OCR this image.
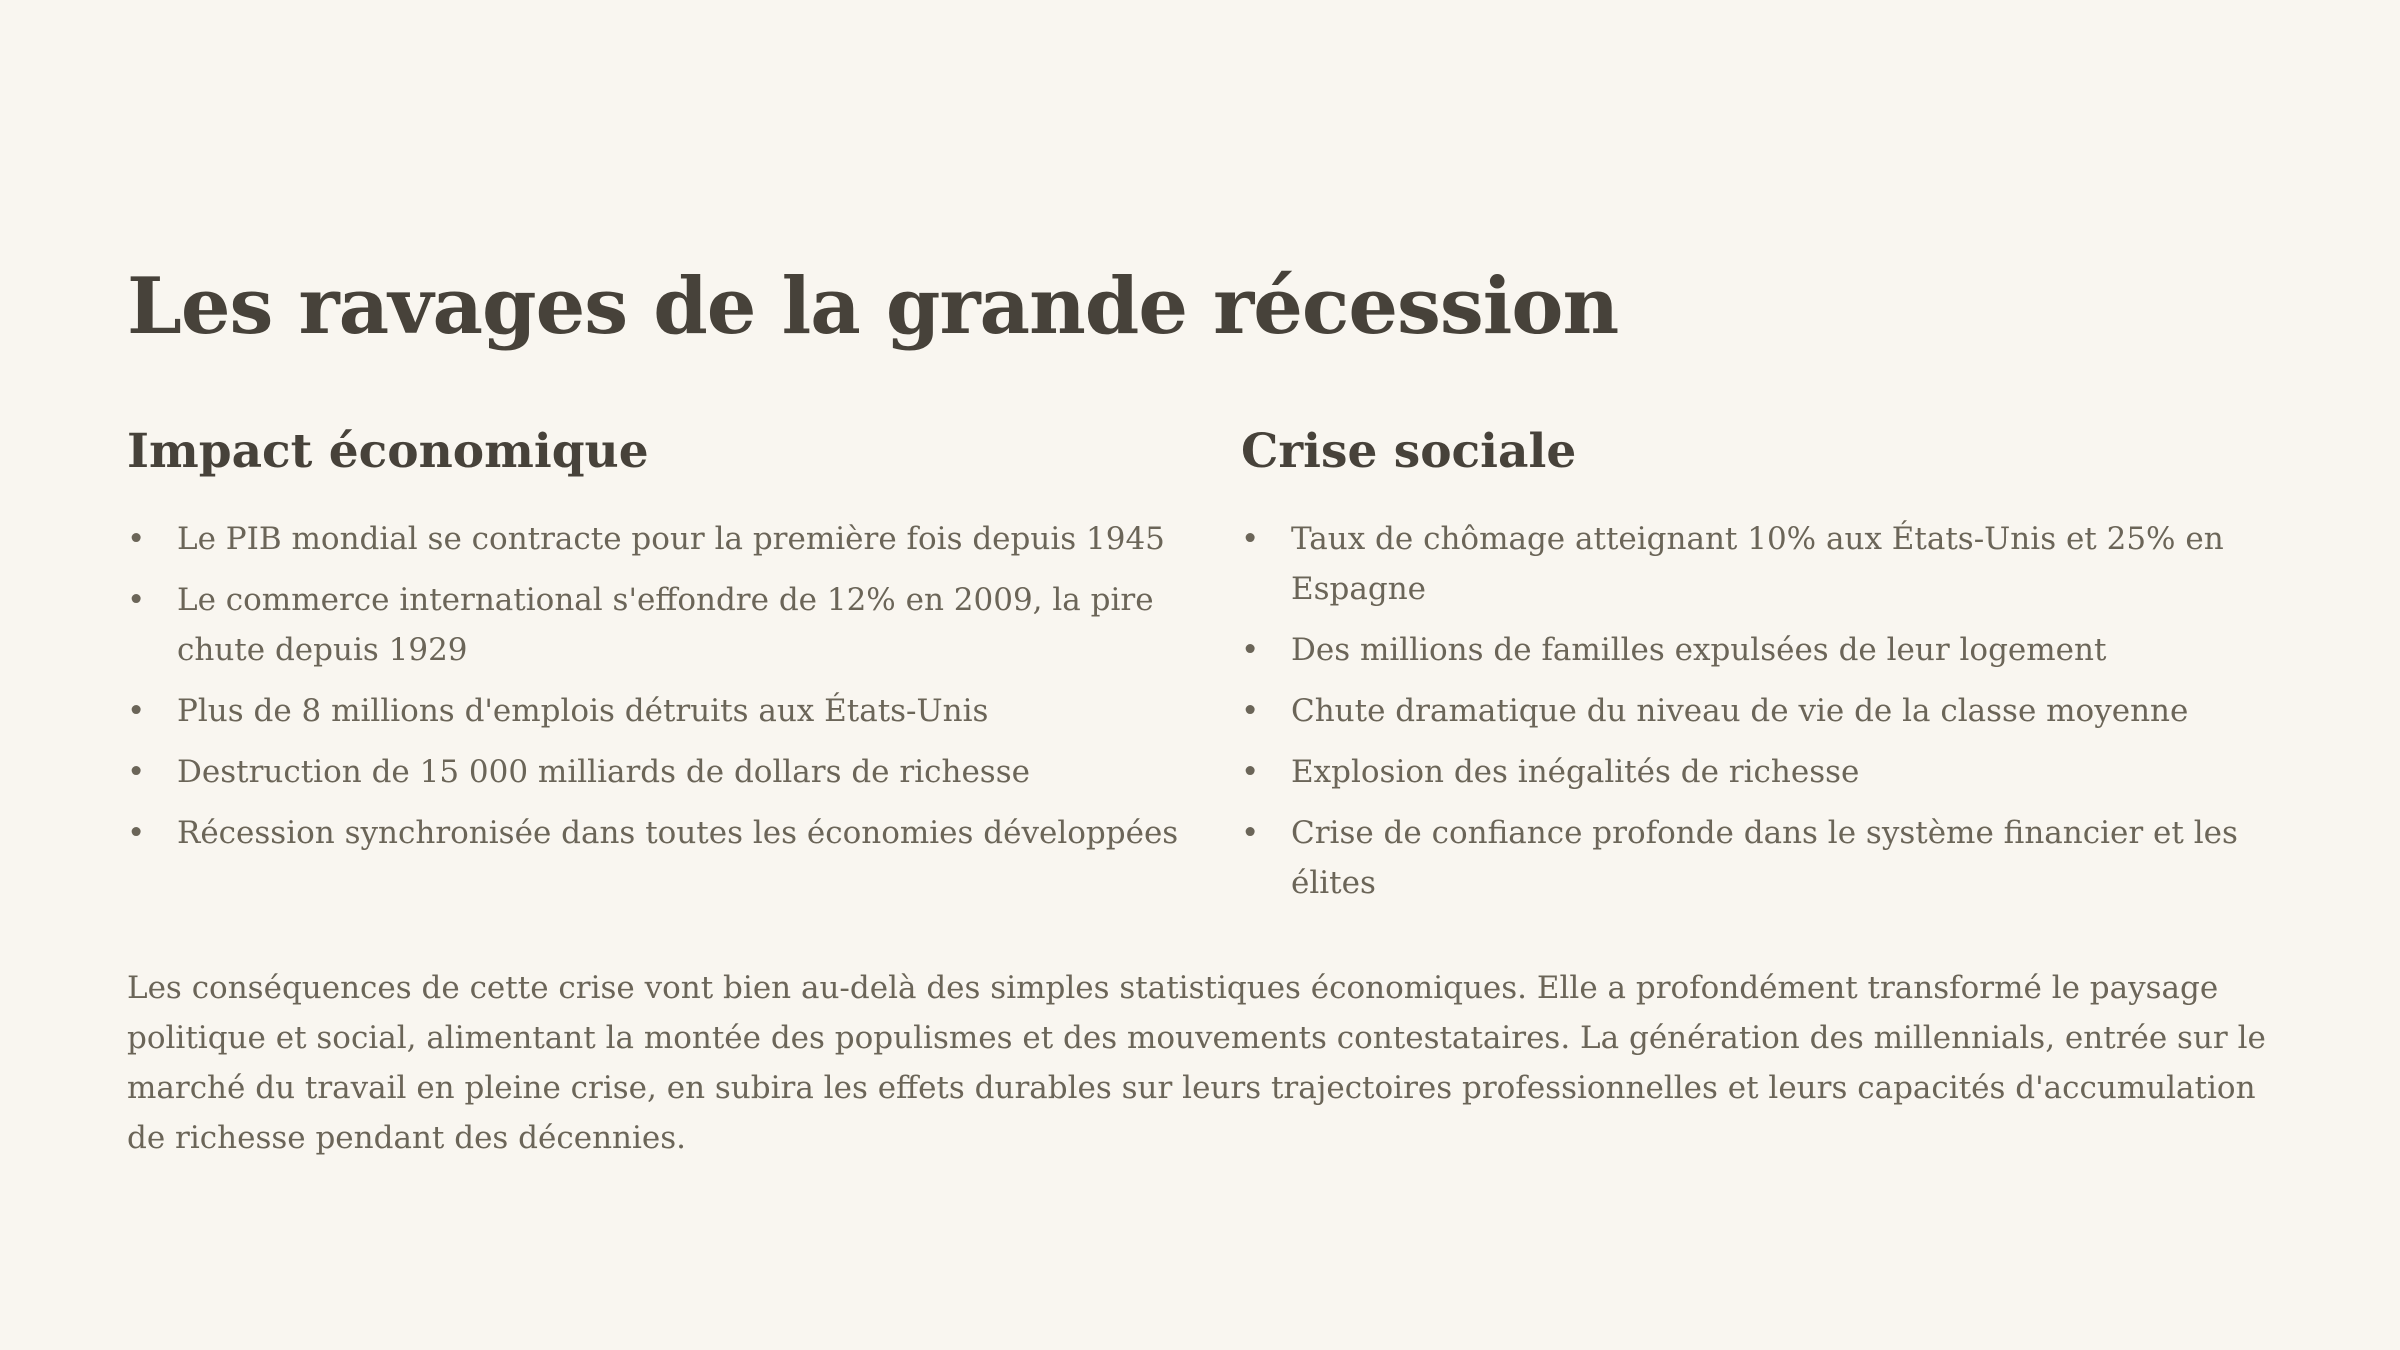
Les ravages de la grande récession
Impact économique
• Le PIB mondial se contracte pour la première fois depuis 1945
• Le commerce international s'effondre de 12% en 2009, la pire chute depuis 1929
• Plus de 8 millions d'emplois détruits aux États-Unis
• Destruction de 15 000 milliards de dollars de richesse
• Récession synchronisée dans toutes les économies développées
Crise sociale
• Taux de chômage atteignant 10% aux États-Unis et 25% en Espagne
• Des millions de familles expulsées de leur logement
• Chute dramatique du niveau de vie de la classe moyenne
• Explosion des inégalités de richesse
• Crise de confiance profonde dans le système financier et les élites

Les conséquences de cette crise vont bien au-delà des simples statistiques économiques. Elle a profondément transformé le paysage politique et social, alimentant la montée des populismes et des mouvements contestataires. La génération des millennials, entrée sur le marché du travail en pleine crise, en subira les effets durables sur leurs trajectoires professionnelles et leurs capacités d'accumulation de richesse pendant des décennies.
